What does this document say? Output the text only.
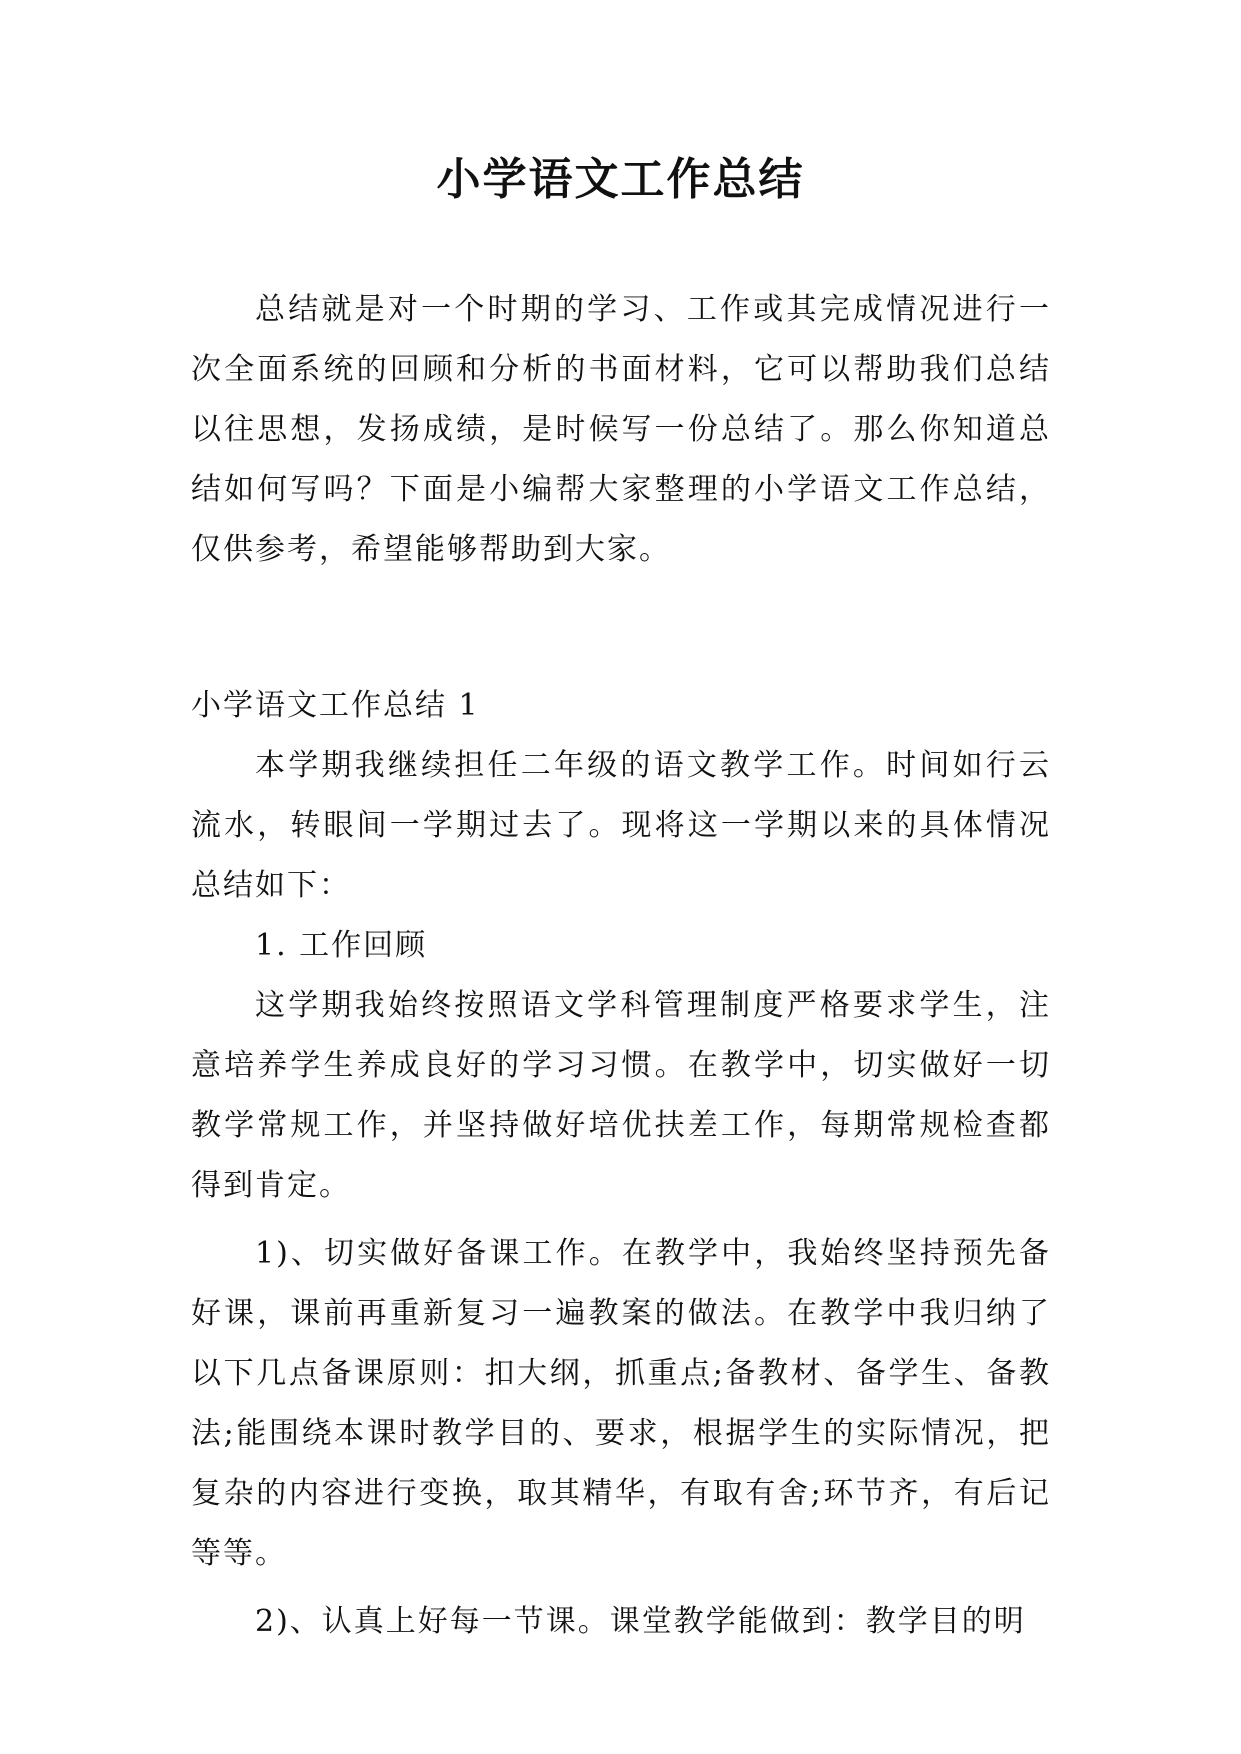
小学语文工作总结

总结就是对一个时期的学习、工作或其完成情况进行一次全面系统的回顾和分析的书面材料，它可以帮助我们总结以往思想，发扬成绩，是时候写一份总结了。那么你知道总结如何写吗？下面是小编帮大家整理的小学语文工作总结，仅供参考，希望能够帮助到大家。

小学语文工作总结 1

本学期我继续担任二年级的语文教学工作。时间如行云流水，转眼间一学期过去了。现将这一学期以来的具体情况总结如下：

1. 工作回顾

这学期我始终按照语文学科管理制度严格要求学生，注意培养学生养成良好的学习习惯。在教学中，切实做好一切教学常规工作，并坚持做好培优扶差工作，每期常规检查都得到肯定。

1)、切实做好备课工作。在教学中，我始终坚持预先备好课，课前再重新复习一遍教案的做法。在教学中我归纳了以下几点备课原则：扣大纲，抓重点;备教材、备学生、备教法;能围绕本课时教学目的、要求，根据学生的实际情况，把复杂的内容进行变换，取其精华，有取有舍;环节齐，有后记等等。

2)、认真上好每一节课。课堂教学能做到：教学目的明
